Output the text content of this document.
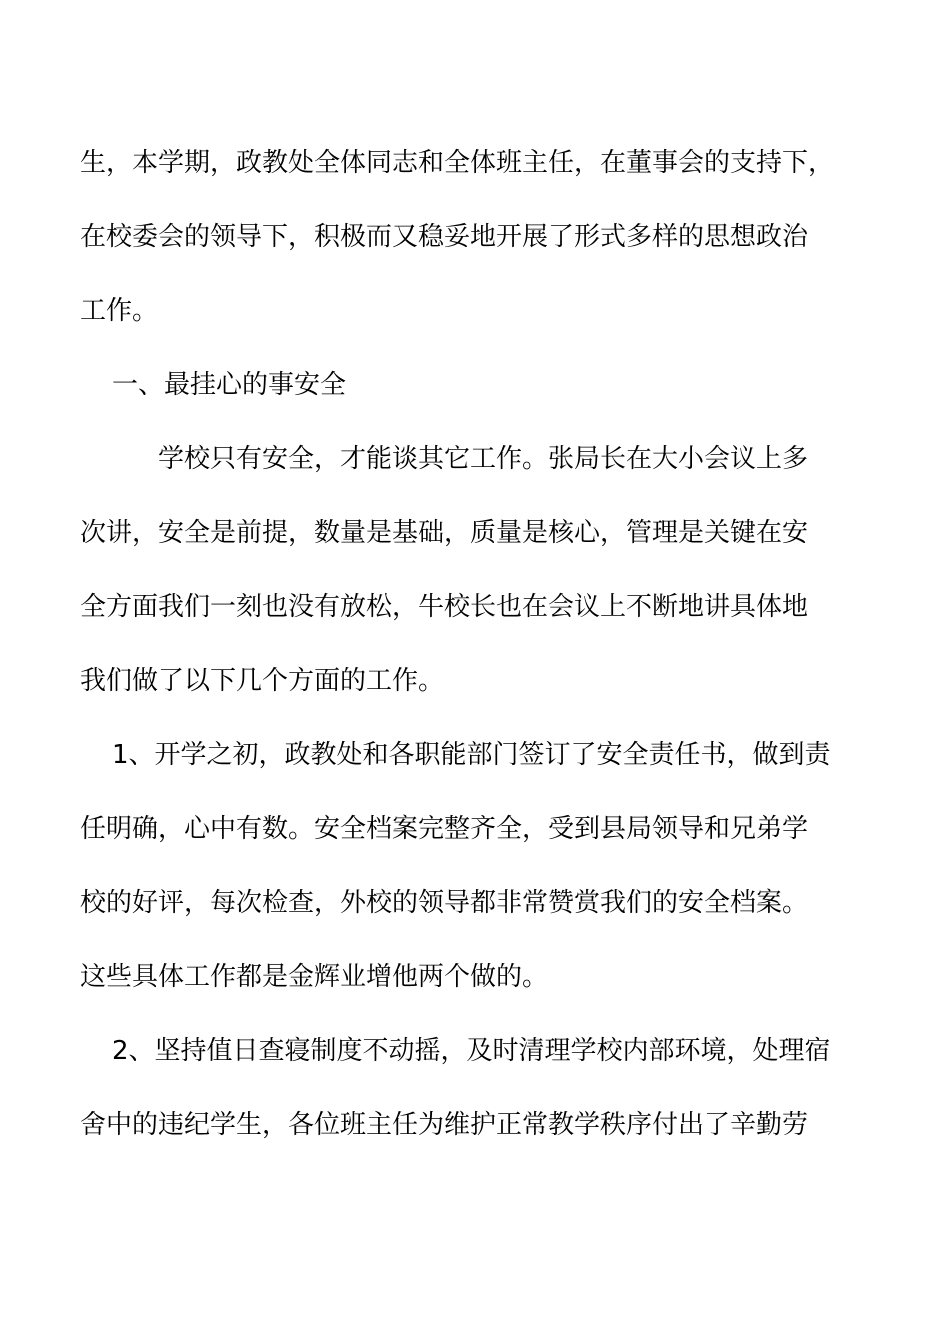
生，本学期，政教处全体同志和全体班主任，在董事会的支持下，
在校委会的领导下，积极而又稳妥地开展了形式多样的思想政治
工作。
一、最挂心的事安全
学校只有安全，才能谈其它工作。张局长在大小会议上多
次讲，安全是前提，数量是基础，质量是核心，管理是关键在安
全方面我们一刻也没有放松，牛校长也在会议上不断地讲具体地
我们做了以下几个方面的工作。
1、开学之初，政教处和各职能部门签订了安全责任书，做到责
任明确，心中有数。安全档案完整齐全，受到县局领导和兄弟学
校的好评，每次检查，外校的领导都非常赞赏我们的安全档案。
这些具体工作都是金辉业增他两个做的。
2、坚持值日查寝制度不动摇，及时清理学校内部环境，处理宿
舍中的违纪学生，各位班主任为维护正常教学秩序付出了辛勤劳
